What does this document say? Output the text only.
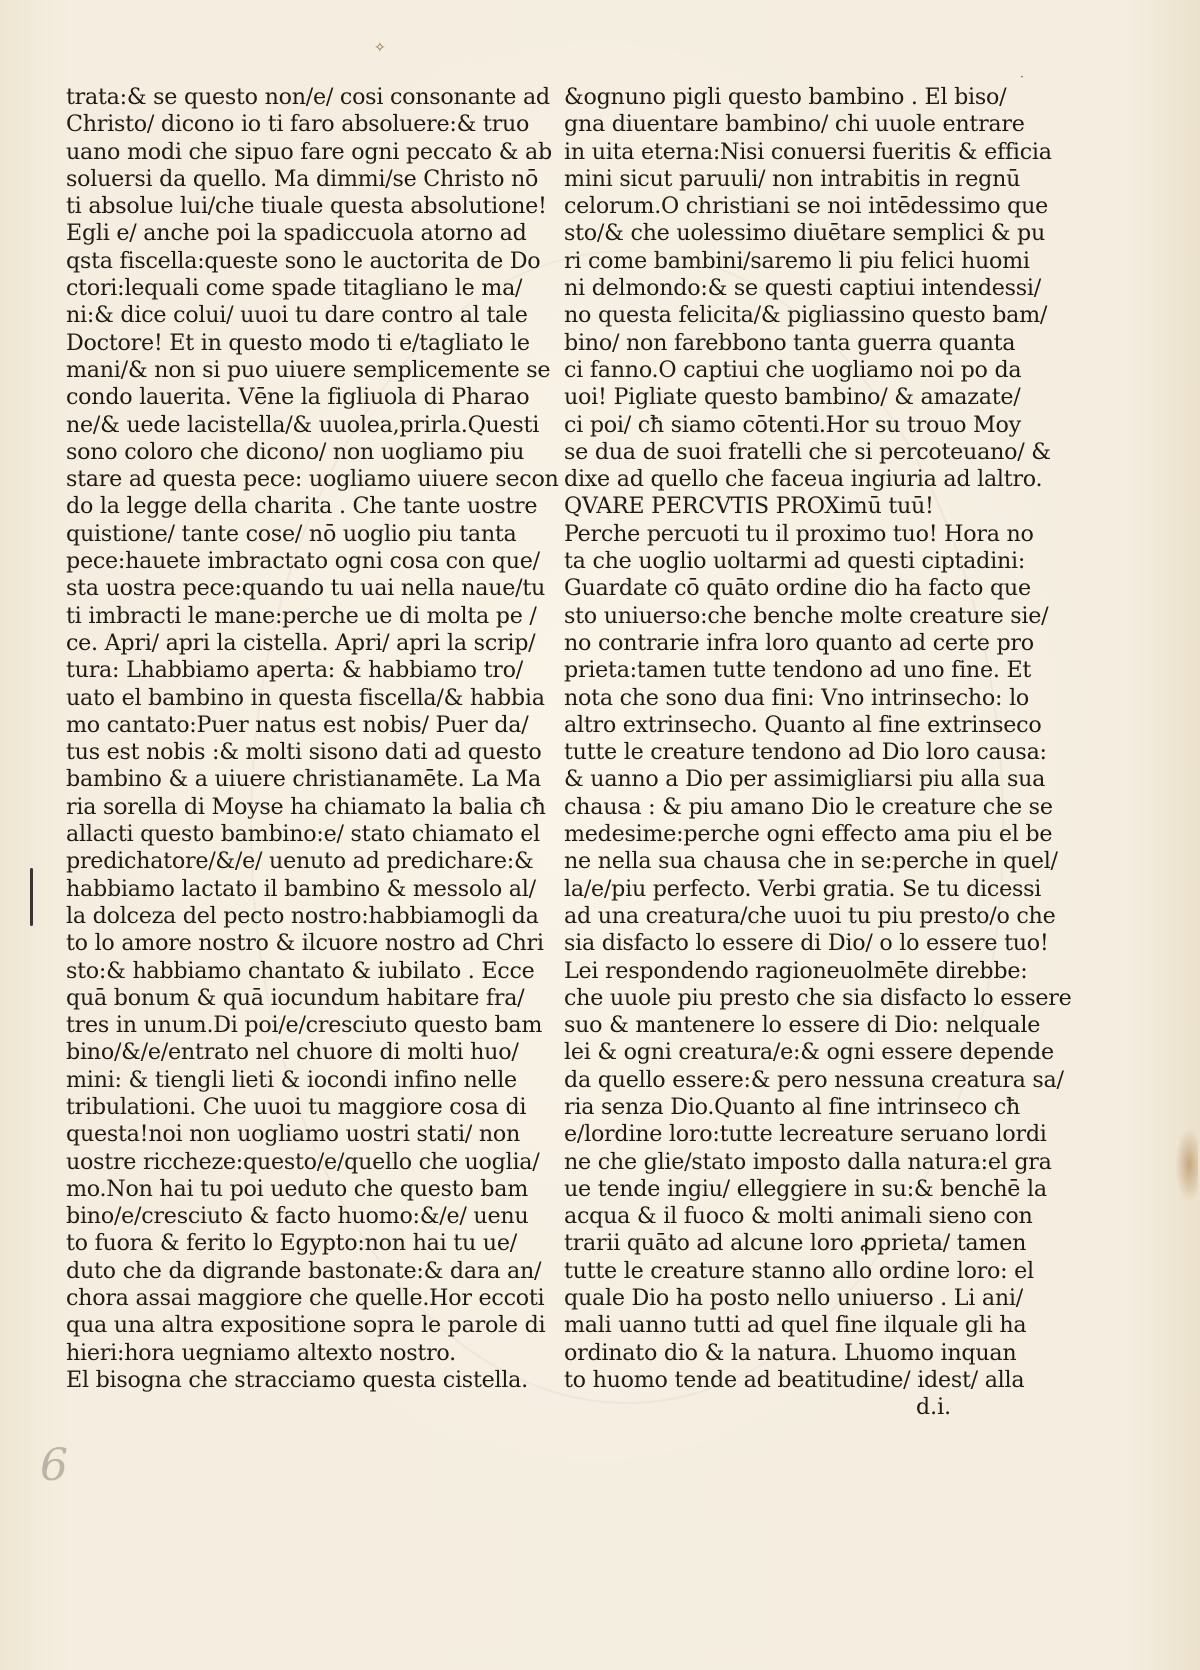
✧
·
6
trata:& se questo non/e/ cosi consonante ad
Christo/ dicono io ti faro absoluere:& truo
uano modi che sipuo fare ogni peccato & ab
soluersi da quello. Ma dimmi/se Christo nō
ti absolue lui/che tiuale questa absolutione!
Egli e/ anche poi la spadiccuola atorno ad
qsta fiscella:queste sono le auctorita de Do
ctori:lequali come spade titagliano le ma/
ni:& dice colui/ uuoi tu dare contro al tale
Doctore! Et in questo modo ti e/tagliato le
mani/& non si puo uiuere semplicemente se
condo lauerita. Vēne la figliuola di Pharao
ne/& uede lacistella/& uuolea,prirla.Questi
sono coloro che dicono/ non uogliamo piu
stare ad questa pece: uogliamo uiuere secon
do la legge della charita . Che tante uostre
quistione/ tante cose/ nō uoglio piu tanta
pece:hauete imbractato ogni cosa con que/
sta uostra pece:quando tu uai nella naue/tu
ti imbracti le mane:perche ue di molta pe /
ce. Apri/ apri la cistella. Apri/ apri la scrip/
tura: Lhabbiamo aperta: & habbiamo tro/
uato el bambino in questa fiscella/& habbia
mo cantato:Puer natus est nobis/ Puer da/
tus est nobis :& molti sisono dati ad questo
bambino & a uiuere christianamēte. La Ma
ria sorella di Moyse ha chiamato la balia cħ
allacti questo bambino:e/ stato chiamato el
predichatore/&/e/ uenuto ad predichare:&
habbiamo lactato il bambino & messolo al/
la dolceza del pecto nostro:habbiamogli da
to lo amore nostro & ilcuore nostro ad Chri
sto:& habbiamo chantato & iubilato . Ecce
quā bonum & quā iocundum habitare fra/
tres in unum.Di poi/e/cresciuto questo bam
bino/&/e/entrato nel chuore di molti huo/
mini: & tiengli lieti & iocondi infino nelle
tribulationi. Che uuoi tu maggiore cosa di
questa!noi non uogliamo uostri stati/ non
uostre riccheze:questo/e/quello che uoglia/
mo.Non hai tu poi ueduto che questo bam
bino/e/cresciuto & facto huomo:&/e/ uenu
to fuora & ferito lo Egypto:non hai tu ue/
duto che da digrande bastonate:& dara an/
chora assai maggiore che quelle.Hor eccoti
qua una altra expositione sopra le parole di
hieri:hora uegniamo altexto nostro.
El bisogna che stracciamo questa cistella.
&ognuno pigli questo bambino . El biso/
gna diuentare bambino/ chi uuole entrare
in uita eterna:Nisi conuersi fueritis & efficia
mini sicut paruuli/ non intrabitis in regnū
celorum.O christiani se noi intēdessimo que
sto/& che uolessimo diuētare semplici & pu
ri come bambini/saremo li piu felici huomi
ni delmondo:& se questi captiui intendessi/
no questa felicita/& pigliassino questo bam/
bino/ non farebbono tanta guerra quanta
ci fanno.O captiui che uogliamo noi po da
uoi! Pigliate questo bambino/ & amazate/
ci poi/ cħ siamo cōtenti.Hor su trouo Moy
se dua de suoi fratelli che si percoteuano/ &
dixe ad quello che faceua ingiuria ad laltro.
QVARE PERCVTIS PROXimū tuū!
Perche percuoti tu il proximo tuo! Hora no
ta che uoglio uoltarmi ad questi ciptadini:
Guardate cō quāto ordine dio ha facto que
sto uniuerso:che benche molte creature sie/
no contrarie infra loro quanto ad certe pro
prieta:tamen tutte tendono ad uno fine. Et
nota che sono dua fini: Vno intrinsecho: lo
altro extrinsecho. Quanto al fine extrinseco
tutte le creature tendono ad Dio loro causa:
& uanno a Dio per assimigliarsi piu alla sua
chausa : & piu amano Dio le creature che se
medesime:perche ogni effecto ama piu el be
ne nella sua chausa che in se:perche in quel/
la/e/piu perfecto. Verbi gratia. Se tu dicessi
ad una creatura/che uuoi tu piu presto/o che
sia disfacto lo essere di Dio/ o lo essere tuo!
Lei respondendo ragioneuolmēte direbbe:
che uuole piu presto che sia disfacto lo essere
suo & mantenere lo essere di Dio: nelquale
lei & ogni creatura/e:& ogni essere depende
da quello essere:& pero nessuna creatura sa/
ria senza Dio.Quanto al fine intrinseco cħ
e/lordine loro:tutte lecreature seruano lordi
ne che glie/stato imposto dalla natura:el gra
ue tende ingiu/ elleggiere in su:& benchē la
acqua & il fuoco & molti animali sieno con
trarii quāto ad alcune loro ꝓprieta/ tamen
tutte le creature stanno allo ordine loro: el
quale Dio ha posto nello uniuerso . Li ani/
mali uanno tutti ad quel fine ilquale gli ha
ordinato dio & la natura. Lhuomo inquan
to huomo tende ad beatitudine/ idest/ alla
d.i.
